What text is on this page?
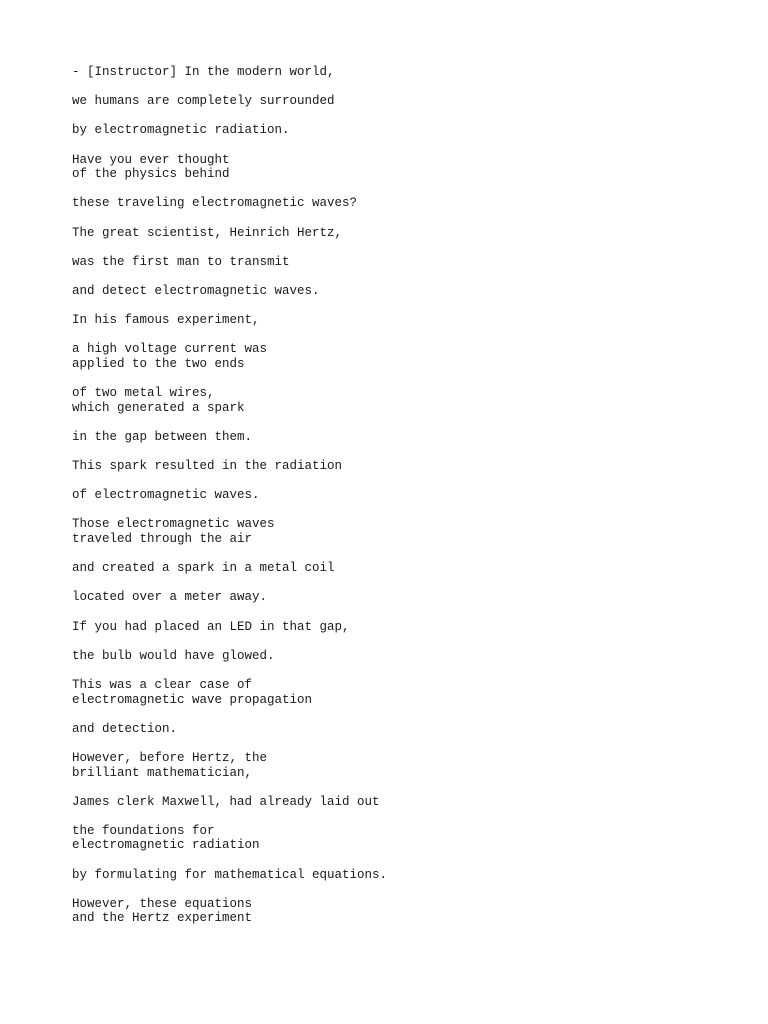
- [Instructor] In the modern world,
we humans are completely surrounded
by electromagnetic radiation.
Have you ever thought
of the physics behind
these traveling electromagnetic waves?
The great scientist, Heinrich Hertz,
was the first man to transmit
and detect electromagnetic waves.
In his famous experiment,
a high voltage current was
applied to the two ends
of two metal wires,
which generated a spark
in the gap between them.
This spark resulted in the radiation
of electromagnetic waves.
Those electromagnetic waves
traveled through the air
and created a spark in a metal coil
located over a meter away.
If you had placed an LED in that gap,
the bulb would have glowed.
This was a clear case of
electromagnetic wave propagation
and detection.
However, before Hertz, the
brilliant mathematician,
James clerk Maxwell, had already laid out
the foundations for
electromagnetic radiation
by formulating for mathematical equations.
However, these equations
and the Hertz experiment
